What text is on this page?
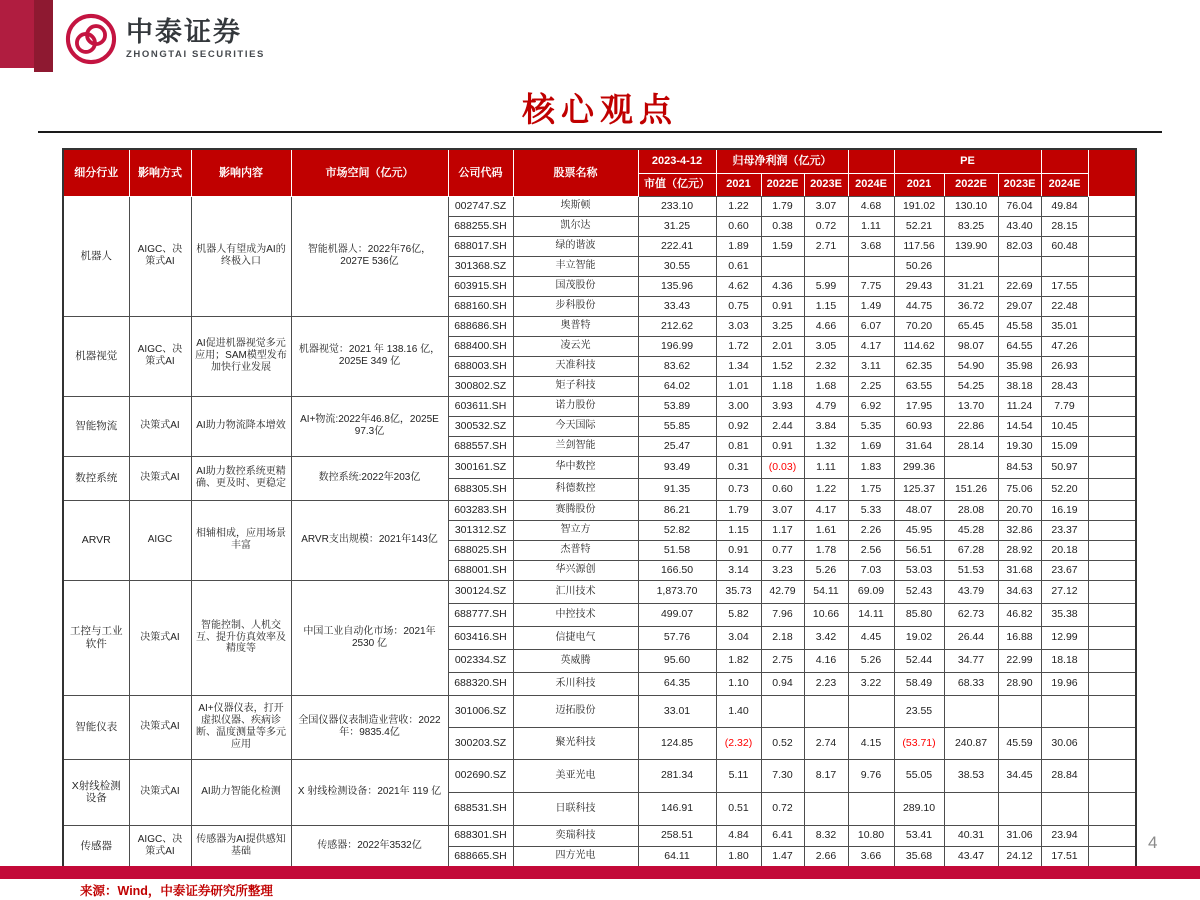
中泰证券
ZHONGTAI SECURITIES
核心观点
细分行业	影响方式	影响内容	市场空间（亿元）	公司代码	股票名称	2023-4-12	归母净利润（亿元）				PE				
						市值（亿元）	2021	2022E	2023E	2024E	2021	2022E	2023E	2024E	
机器人	AIGC、决策式AI	机器人有望成为AI的终极入口	智能机器人：2022年76亿，2027E 536亿	002747.SZ	埃斯顿	233.10	1.22	1.79	3.07	4.68	191.02	130.10	76.04	49.84	
				688255.SH	凯尔达	31.25	0.60	0.38	0.72	1.11	52.21	83.25	43.40	28.15	
				688017.SH	绿的谐波	222.41	1.89	1.59	2.71	3.68	117.56	139.90	82.03	60.48	
				301368.SZ	丰立智能	30.55	0.61				50.26				
				603915.SH	国茂股份	135.96	4.62	4.36	5.99	7.75	29.43	31.21	22.69	17.55	
				688160.SH	步科股份	33.43	0.75	0.91	1.15	1.49	44.75	36.72	29.07	22.48	
机器视觉	AIGC、决策式AI	AI促进机器视觉多元应用；SAM模型发布加快行业发展	机器视觉：2021 年 138.16 亿，2025E 349 亿	688686.SH	奥普特	212.62	3.03	3.25	4.66	6.07	70.20	65.45	45.58	35.01	
				688400.SH	凌云光	196.99	1.72	2.01	3.05	4.17	114.62	98.07	64.55	47.26	
				688003.SH	天准科技	83.62	1.34	1.52	2.32	3.11	62.35	54.90	35.98	26.93	
				300802.SZ	矩子科技	64.02	1.01	1.18	1.68	2.25	63.55	54.25	38.18	28.43	
智能物流	决策式AI	AI助力物流降本增效	AI+物流:2022年46.8亿，2025E 97.3亿	603611.SH	诺力股份	53.89	3.00	3.93	4.79	6.92	17.95	13.70	11.24	7.79	
				300532.SZ	今天国际	55.85	0.92	2.44	3.84	5.35	60.93	22.86	14.54	10.45	
				688557.SH	兰剑智能	25.47	0.81	0.91	1.32	1.69	31.64	28.14	19.30	15.09	
数控系统	决策式AI	AI助力数控系统更精确、更及时、更稳定	数控系统:2022年203亿	300161.SZ	华中数控	93.49	0.31	(0.03)	1.11	1.83	299.36		84.53	50.97	
				688305.SH	科德数控	91.35	0.73	0.60	1.22	1.75	125.37	151.26	75.06	52.20	
ARVR	AIGC	相辅相成，应用场景丰富	ARVR支出规模：2021年143亿	603283.SH	赛腾股份	86.21	1.79	3.07	4.17	5.33	48.07	28.08	20.70	16.19	
				301312.SZ	智立方	52.82	1.15	1.17	1.61	2.26	45.95	45.28	32.86	23.37	
				688025.SH	杰普特	51.58	0.91	0.77	1.78	2.56	56.51	67.28	28.92	20.18	
				688001.SH	华兴源创	166.50	3.14	3.23	5.26	7.03	53.03	51.53	31.68	23.67	
工控与工业软件	决策式AI	智能控制、人机交互、提升仿真效率及精度等	中国工业自动化市场：2021年2530 亿	300124.SZ	汇川技术	1,873.70	35.73	42.79	54.11	69.09	52.43	43.79	34.63	27.12	
				688777.SH	中控技术	499.07	5.82	7.96	10.66	14.11	85.80	62.73	46.82	35.38	
				603416.SH	信捷电气	57.76	3.04	2.18	3.42	4.45	19.02	26.44	16.88	12.99	
				002334.SZ	英威腾	95.60	1.82	2.75	4.16	5.26	52.44	34.77	22.99	18.18	
				688320.SH	禾川科技	64.35	1.10	0.94	2.23	3.22	58.49	68.33	28.90	19.96	
智能仪表	决策式AI	AI+仪器仪表，打开虚拟仪器、疾病诊断、温度测量等多元应用	全国仪器仪表制造业营收：2022年：9835.4亿	301006.SZ	迈拓股份	33.01	1.40				23.55				
				300203.SZ	聚光科技	124.85	(2.32)	0.52	2.74	4.15	(53.71)	240.87	45.59	30.06	
X射线检测设备	决策式AI	AI助力智能化检测	X 射线检测设备：2021年 119 亿	002690.SZ	美亚光电	281.34	5.11	7.30	8.17	9.76	55.05	38.53	34.45	28.84	
				688531.SH	日联科技	146.91	0.51	0.72			289.10				
传感器	AIGC、决策式AI	传感器为AI提供感知基础	传感器：2022年3532亿	688301.SH	奕瑞科技	258.51	4.84	6.41	8.32	10.80	53.41	40.31	31.06	23.94	
				688665.SH	四方光电	64.11	1.80	1.47	2.66	3.66	35.68	43.47	24.12	17.51	
来源：Wind，中泰证券研究所整理
4
